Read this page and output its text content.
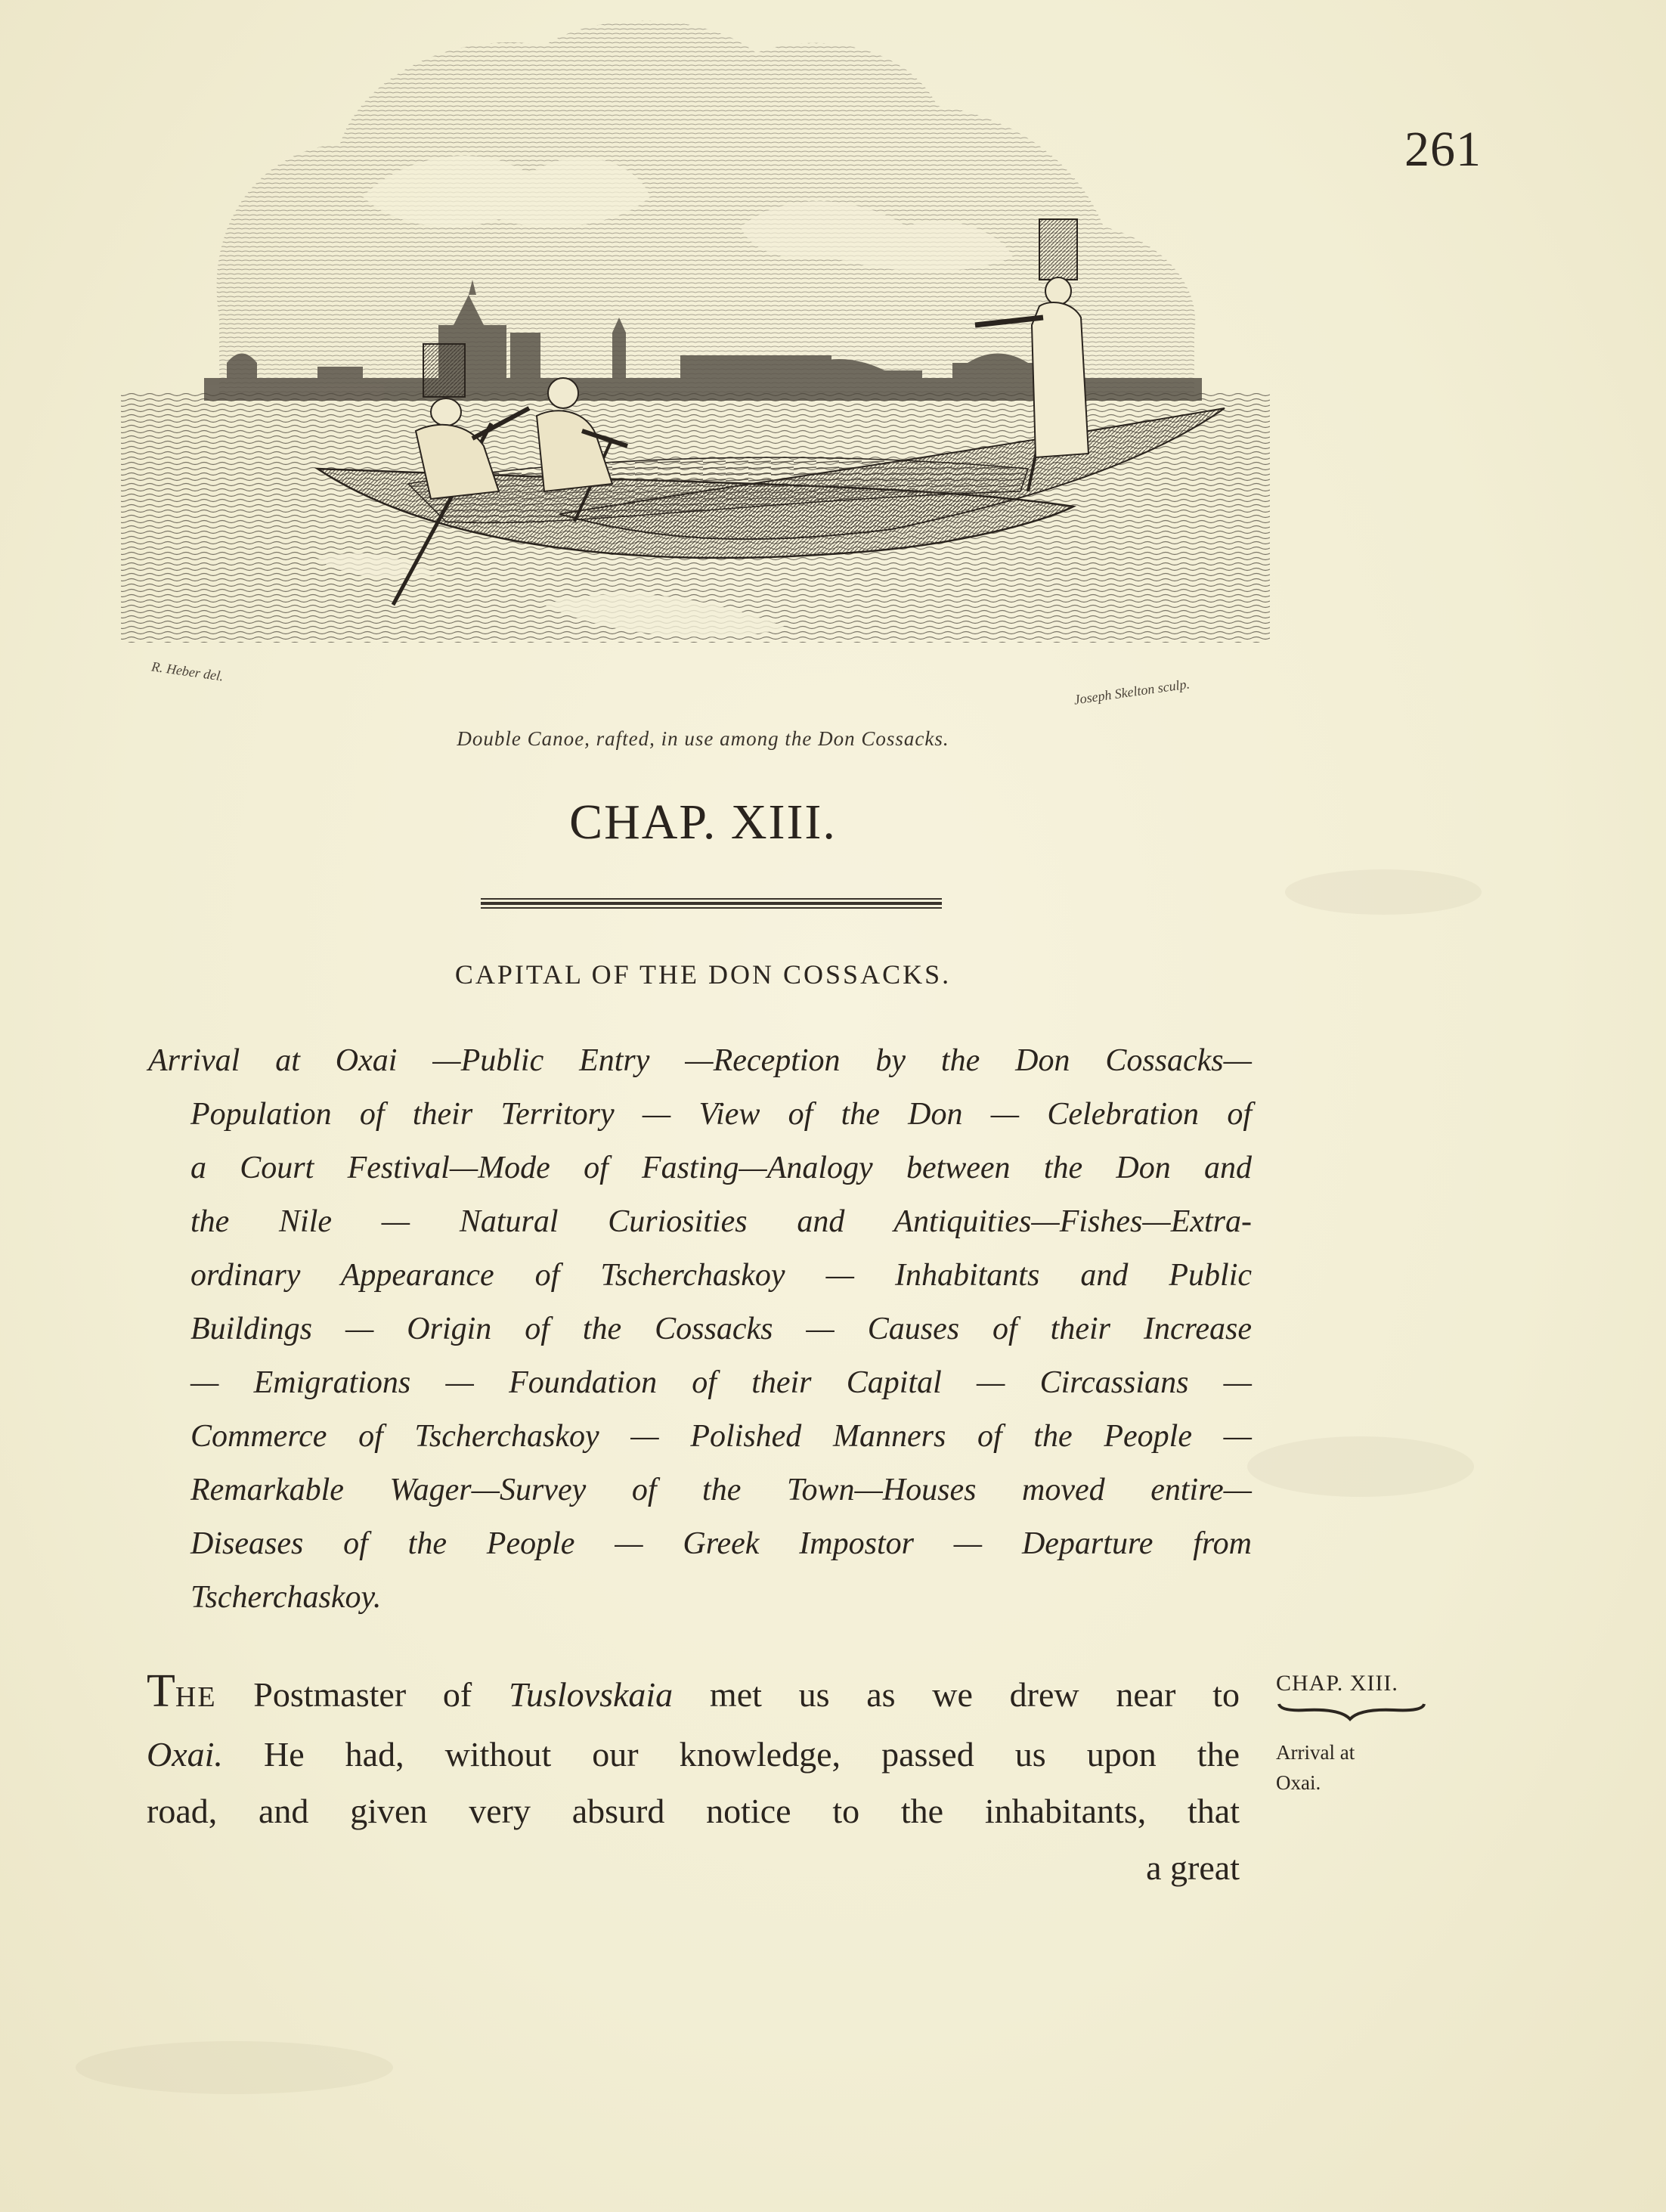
261
R. Heber del.
Joseph Skelton sculp.
Double Canoe, rafted, in use among the Don Cossacks.
CHAP. XIII.
CAPITAL OF THE DON COSSACKS.
Arrival at Oxai —Public Entry —Reception by the Don Cossacks—
Population of their Territory — View of the Don — Celebration of
a Court Festival—Mode of Fasting—Analogy between the Don and
the Nile — Natural Curiosities and Antiquities—Fishes—Extra-
ordinary Appearance of Tscherchaskoy — Inhabitants and Public
Buildings — Origin of the Cossacks — Causes of their Increase
— Emigrations — Foundation of their Capital — Circassians —
Commerce of Tscherchaskoy — Polished Manners of the People —
Remarkable Wager—Survey of the Town—Houses moved entire—
Diseases of the People — Greek Impostor — Departure from
Tscherchaskoy.
THE Postmaster of Tuslovskaia met us as we drew near to
Oxai. He had, without our knowledge, passed us upon the
road, and given very absurd notice to the inhabitants, that
a great
CHAP. XIII.
Arrival at
Oxai.
